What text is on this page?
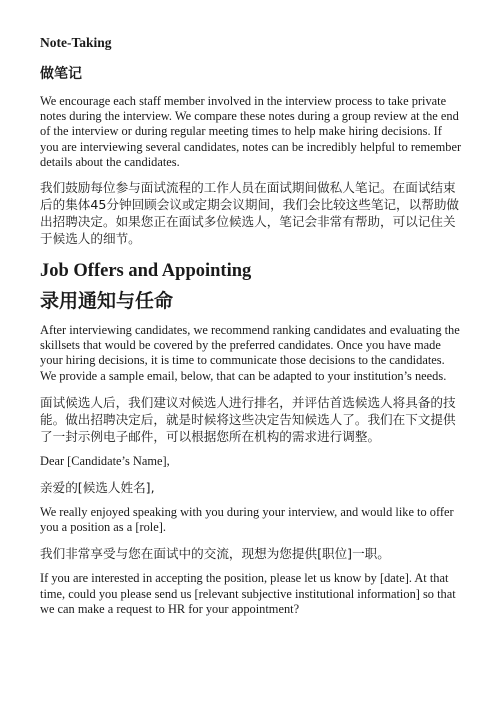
Note-Taking
做笔记

We encourage each staff member involved in the interview process to take private notes during the interview. We compare these notes during a group review at the end of the interview or during regular meeting times to help make hiring decisions. If you are interviewing several candidates, notes can be incredibly helpful to remember details about the candidates.

我们鼓励每位参与面试流程的工作人员在面试期间做私人笔记。在面试结束后的集体45分钟回顾会议或定期会议期间，我们会比较这些笔记，以帮助做出招聘决定。如果您正在面试多位候选人，笔记会非常有帮助，可以记住关于候选人的细节。

Job Offers and Appointing
录用通知与任命

After interviewing candidates, we recommend ranking candidates and evaluating the skillsets that would be covered by the preferred candidates. Once you have made your hiring decisions, it is time to communicate those decisions to the candidates. We provide a sample email, below, that can be adapted to your institution’s needs.

面试候选人后，我们建议对候选人进行排名，并评估首选候选人将具备的技能。做出招聘决定后，就是时候将这些决定告知候选人了。我们在下文提供了一封示例电子邮件，可以根据您所在机构的需求进行调整。

Dear [Candidate’s Name],

亲爱的[候选人姓名],

We really enjoyed speaking with you during your interview, and would like to offer you a position as a [role].

我们非常享受与您在面试中的交流，现想为您提供[职位]一职。

If you are interested in accepting the position, please let us know by [date]. At that time, could you please send us [relevant subjective institutional information] so that we can make a request to HR for your appointment?
